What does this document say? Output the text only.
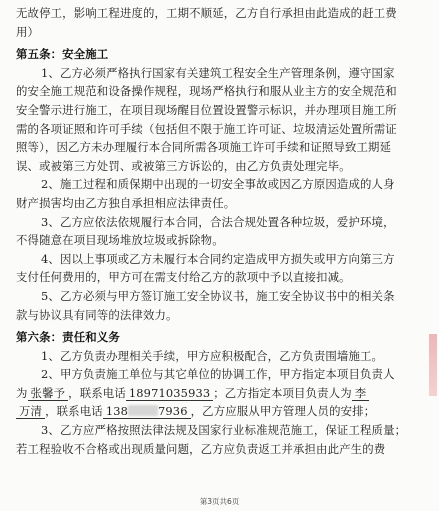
无故停工，影响工程进度的，工期不顺延，乙方自行承担由此造成的赶工费
用）
第五条：安全施工
1、乙方必须严格执行国家有关建筑工程安全生产管理条例，遵守国家
的安全施工规范和设备操作规程，现场严格执行和服从业主方的安全规范和
安全警示进行施工，在项目现场醒目位置设置警示标识，并办理项目施工所
需的各项证照和许可手续（包括但不限于施工许可证、垃圾清运处置所需证
照等），因乙方未办理履行本合同所需各项施工许可手续和证照导致工期延
误、或被第三方处罚、或被第三方诉讼的，由乙方负责处理完毕。
2、施工过程和质保期中出现的一切安全事故或因乙方原因造成的人身
财产损害均由乙方独自承担相应法律责任。
3、乙方应依法依规履行本合同，合法合规处置各种垃圾，爱护环境，
不得随意在项目现场堆放垃圾或拆除物。
4、因以上事项或乙方未履行本合同约定造成甲方损失或甲方向第三方
支付任何费用的，甲方可在需支付给乙方的款项中予以直接扣减。
5、乙方必须与甲方签订施工安全协议书，施工安全协议书中的相关条
款与协议具有同等的法律效力。
第六条：责任和义务
1、乙方负责办理相关手续，甲方应积极配合，乙方负责围墙施工。
2、甲方负责施工单位与其它单位的协调工作，甲方指定本项目负责人
为 张馨予 ，联系电话 18971035933 ；乙方指定本项目负责人为 李
万清 ，联系电话 138	7936 ，乙方应服从甲方管理人员的安排；
3、乙方应严格按照法律法规及国家行业标准规范施工，保证工程质量；
若工程验收不合格或出现质量问题，乙方应负责返工并承担由此产生的费
第3页共6页
